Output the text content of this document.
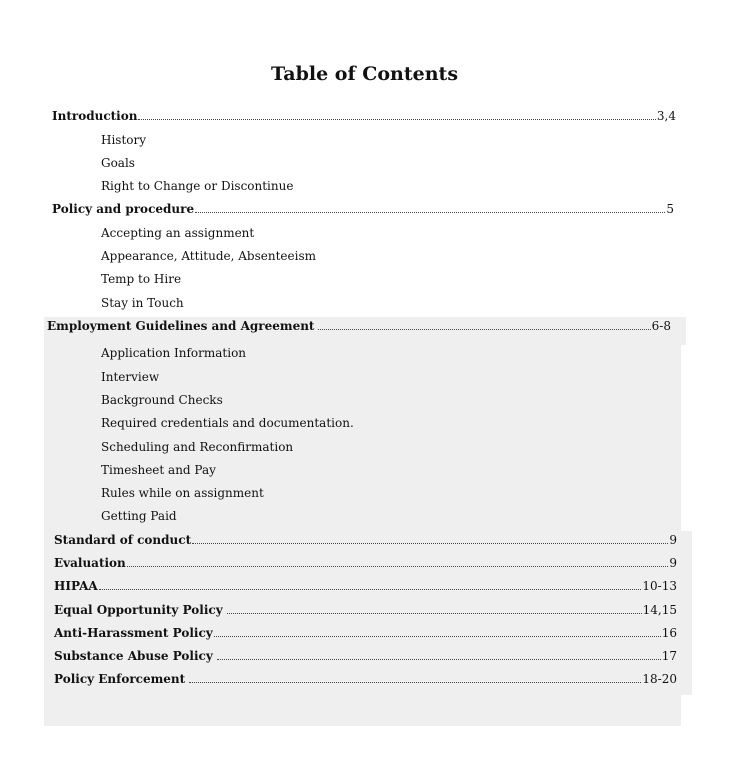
Table of Contents
Introduction	3,4
History
Goals
Right to Change or Discontinue
Policy and procedure	5
Accepting an assignment
Appearance, Attitude, Absenteeism
Temp to Hire
Stay in Touch
Employment Guidelines and Agreement	6-8
Application Information
Interview
Background Checks
Required credentials and documentation.
Scheduling and Reconfirmation
Timesheet and Pay
Rules while on assignment
Getting Paid
Standard of conduct	9
Evaluation	9
HIPAA	10-13
Equal Opportunity Policy	14,15
Anti-Harassment Policy	16
Substance Abuse Policy	17
Policy Enforcement	18-20
